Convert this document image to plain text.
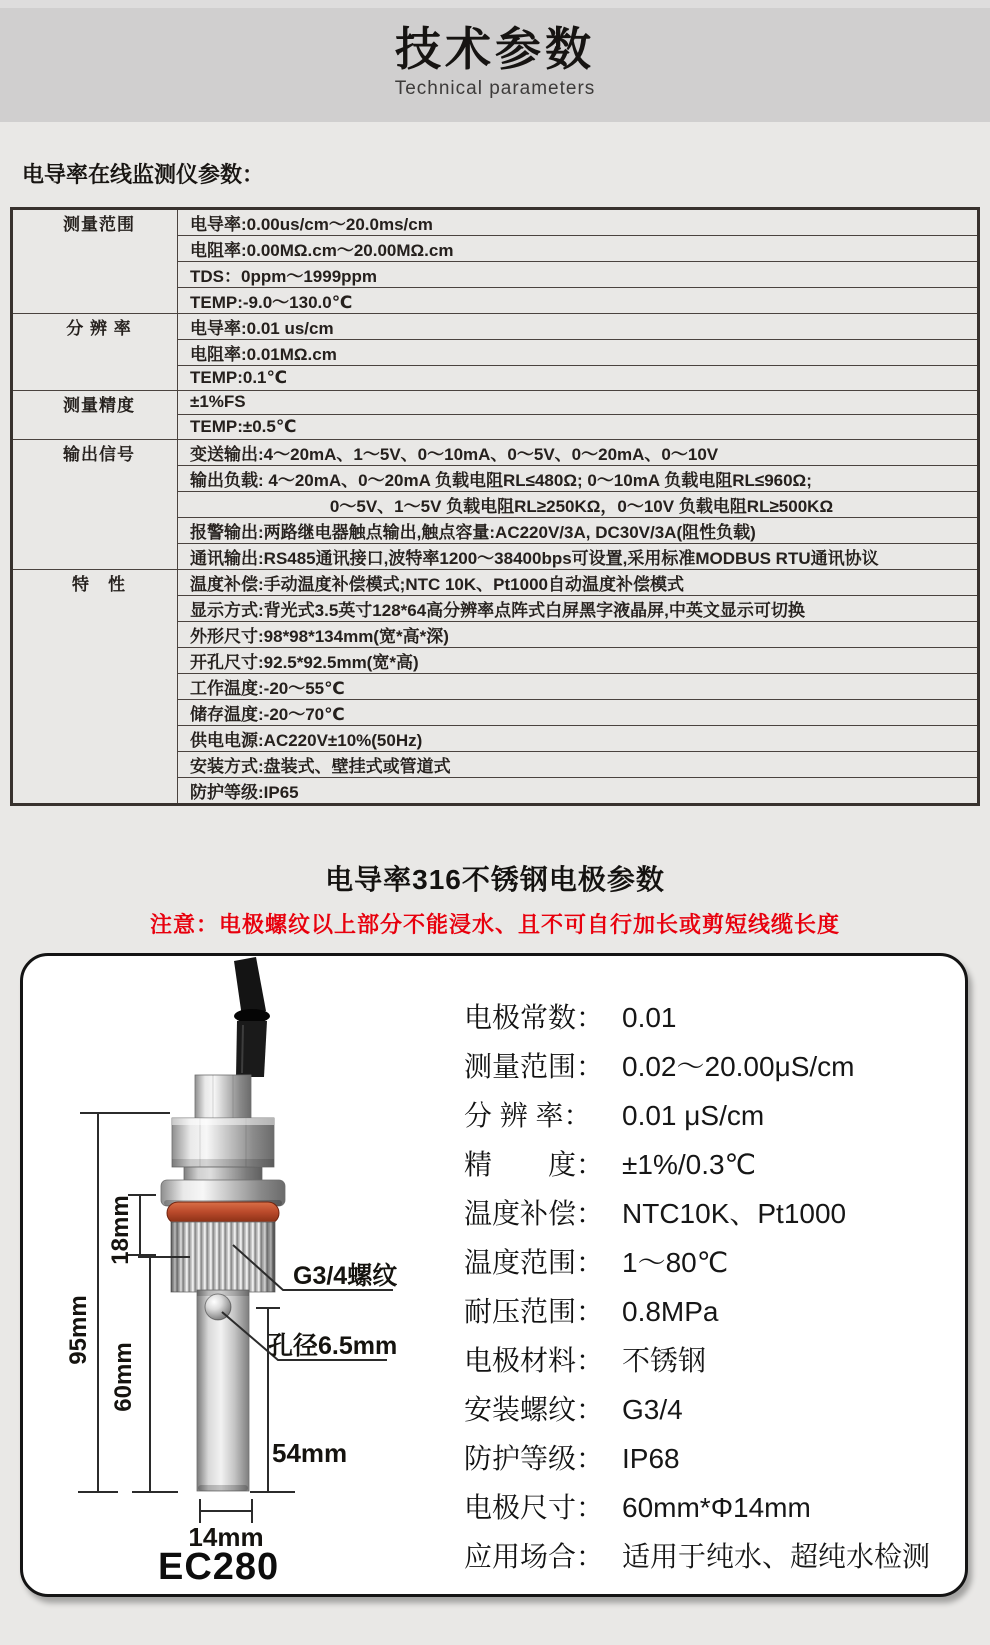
技术参数
Technical parameters
电导率在线监测仪参数：
测量范围	电导率:0.00us/cm～20.0ms/cm
	电阻率:0.00MΩ.cm～20.00MΩ.cm
	TDS：0ppm～1999ppm
	TEMP:-9.0～130.0℃
分 辨 率	电导率:0.01 us/cm
	电阻率:0.01MΩ.cm
	TEMP:0.1℃
测量精度	±1%FS
	TEMP:±0.5℃
输出信号	变送输出:4～20mA、1～5V、0～10mA、0～5V、0～20mA、0～10V
	输出负载: 4～20mA、0～20mA 负载电阻RL≤480Ω; 0～10mA 负载电阻RL≤960Ω;
	0～5V、1～5V 负载电阻RL≥250KΩ，0～10V 负载电阻RL≥500KΩ
	报警输出:两路继电器触点输出,触点容量:AC220V/3A, DC30V/3A(阻性负载)
	通讯输出:RS485通讯接口,波特率1200～38400bps可设置,采用标准MODBUS RTU通讯协议
特　性	温度补偿:手动温度补偿模式;NTC 10K、Pt1000自动温度补偿模式
	显示方式:背光式3.5英寸128*64高分辨率点阵式白屏黑字液晶屏,中英文显示可切换
	外形尺寸:98*98*134mm(宽*高*深)
	开孔尺寸:92.5*92.5mm(宽*高)
	工作温度:-20～55℃
	储存温度:-20～70℃
	供电电源:AC220V±10%(50Hz)
	安装方式:盘装式、壁挂式或管道式
	防护等级:IP65
电导率316不锈钢电极参数
注意：电极螺纹以上部分不能浸水、且不可自行加长或剪短线缆长度
95mm
18mm
60mm
54mm
14mm
G3/4螺纹
孔径6.5mm
EC280
电极常数： 0.01
测量范围： 0.02～20.00μS/cm
分 辨 率： 0.01 μS/cm
精　　度： ±1%/0.3℃
温度补偿： NTC10K、Pt1000
温度范围： 1～80℃
耐压范围： 0.8MPa
电极材料： 不锈钢
安装螺纹： G3/4
防护等级： IP68
电极尺寸： 60mm*Φ14mm
应用场合： 适用于纯水、超纯水检测
